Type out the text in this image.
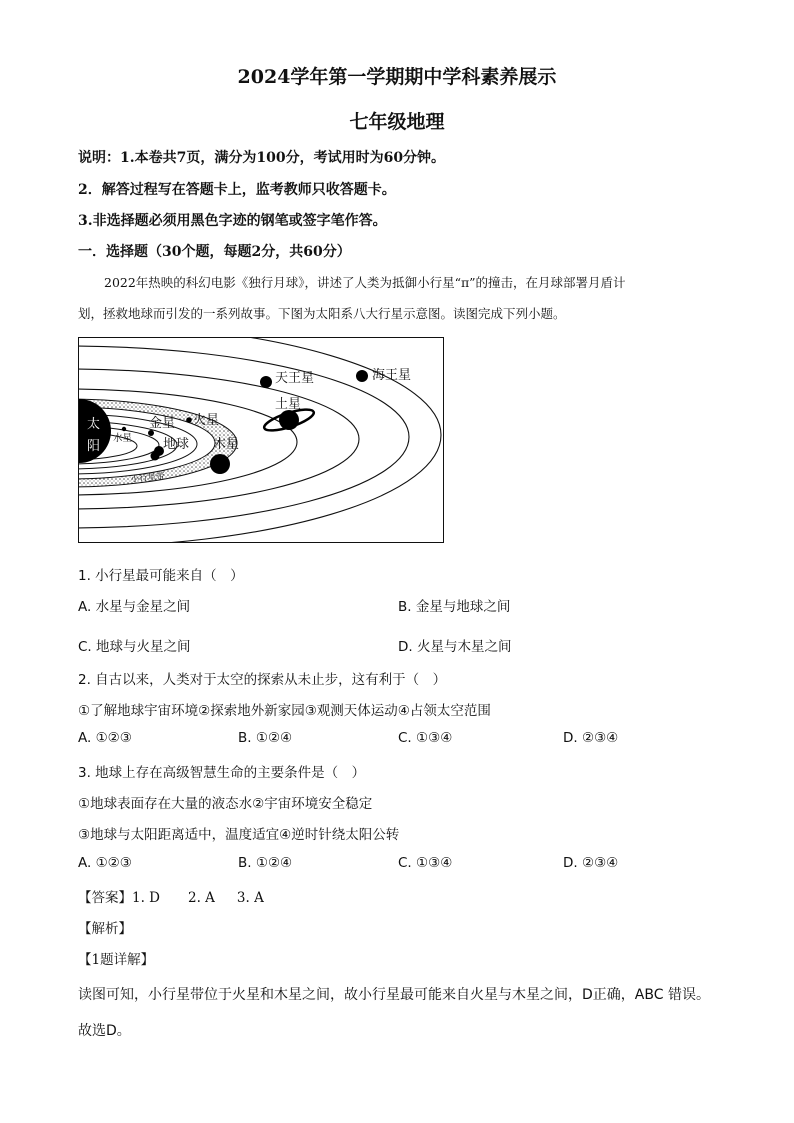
2024学年第一学期期中学科素养展示
七年级地理
说明：1.本卷共7页，满分为100分，考试用时为60分钟。
2．解答过程写在答题卡上，监考教师只收答题卡。
3.非选择题必须用黑色字迹的钢笔或签字笔作答。
一．选择题（30个题，每题2分，共60分）
2022年热映的科幻电影《独行月球》，讲述了人类为抵御小行星“π”的撞击，在月球部署月盾计
划，拯救地球而引发的一系列故事。下图为太阳系八大行星示意图。读图完成下列小题。
太
阳
水星
金星
地球
火星
木星
小行星带
土星
天王星	海王星
1. 小行星最可能来自（　）
A. 水星与金星之间	B. 金星与地球之间
C. 地球与火星之间	D. 火星与木星之间
2. 自古以来，人类对于太空的探索从未止步，这有利于（　）
①了解地球宇宙环境②探索地外新家园③观测天体运动④占领太空范围
A. ①②③	B. ①②④	C. ①③④	D. ②③④
3. 地球上存在高级智慧生命的主要条件是（　）
①地球表面存在大量的液态水②宇宙环境安全稳定
③地球与太阳距离适中，温度适宜④逆时针绕太阳公转
A. ①②③	B. ①②④	C. ①③④	D. ②③④
【答案】1. D 2. A 3. A
【解析】
【1题详解】
读图可知，小行星带位于火星和木星之间，故小行星最可能来自火星与木星之间，D正确，ABC 错误。
故选D。
